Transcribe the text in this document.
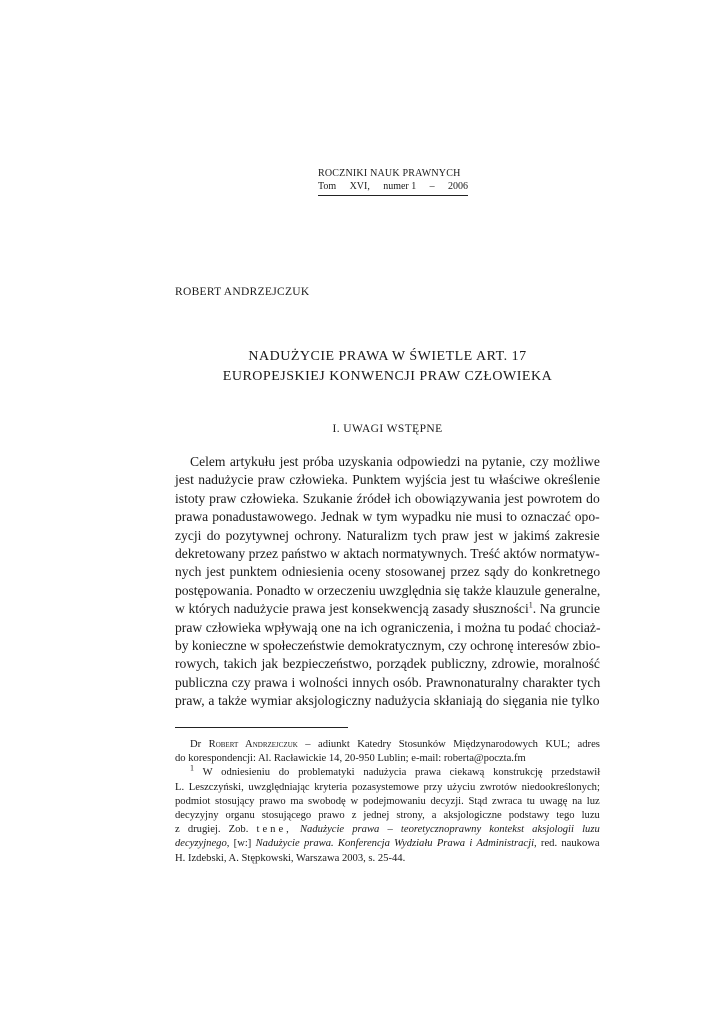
ROCZNIKI NAUK PRAWNYCH
Tom XVI, numer 1 – 2006
ROBERT ANDRZEJCZUK
NADUŻYCIE PRAWA W ŚWIETLE ART. 17
EUROPEJSKIEJ KONWENCJI PRAW CZŁOWIEKA
I. UWAGI WSTĘPNE
Celem artykułu jest próba uzyskania odpowiedzi na pytanie, czy możliwe
jest nadużycie praw człowieka. Punktem wyjścia jest tu właściwe określenie
istoty praw człowieka. Szukanie źródeł ich obowiązywania jest powrotem do
prawa ponadustawowego. Jednak w tym wypadku nie musi to oznaczać opo-
zycji do pozytywnej ochrony. Naturalizm tych praw jest w jakimś zakresie
dekretowany przez państwo w aktach normatywnych. Treść aktów normatyw-
nych jest punktem odniesienia oceny stosowanej przez sądy do konkretnego
postępowania. Ponadto w orzeczeniu uwzględnia się także klauzule generalne,
w których nadużycie prawa jest konsekwencją zasady słuszności$^1$. Na gruncie
praw człowieka wpływają one na ich ograniczenia, i można tu podać chociaż-
by konieczne w społeczeństwie demokratycznym, czy ochronę interesów zbio-
rowych, takich jak bezpieczeństwo, porządek publiczny, zdrowie, moralność
publiczna czy prawa i wolności innych osób. Prawnonaturalny charakter tych
praw, a także wymiar aksjologiczny nadużycia skłaniają do sięgania nie tylko
Dr Robert Andrzejczuk – adiunkt Katedry Stosunków Międzynarodowych KUL; adres
do korespondencji: Al. Racławickie 14, 20-950 Lublin; e-mail: roberta@poczta.fm
$^1$ W odniesieniu do problematyki nadużycia prawa ciekawą konstrukcję przedstawił
L. Leszczyński, uwzględniając kryteria pozasystemowe przy użyciu zwrotów niedookreślonych;
podmiot stosujący prawo ma swobodę w podejmowaniu decyzji. Stąd zwraca tu uwagę na luz
decyzyjny organu stosującego prawo z jednej strony, a aksjologiczne podstawy tego luzu
z drugiej. Zob. tene, Nadużycie prawa – teoretycznoprawny kontekst aksjologii luzu
decyzyjnego, [w:] Nadużycie prawa. Konferencja Wydziału Prawa i Administracji, red. naukowa
H. Izdebski, A. Stępkowski, Warszawa 2003, s. 25-44.
